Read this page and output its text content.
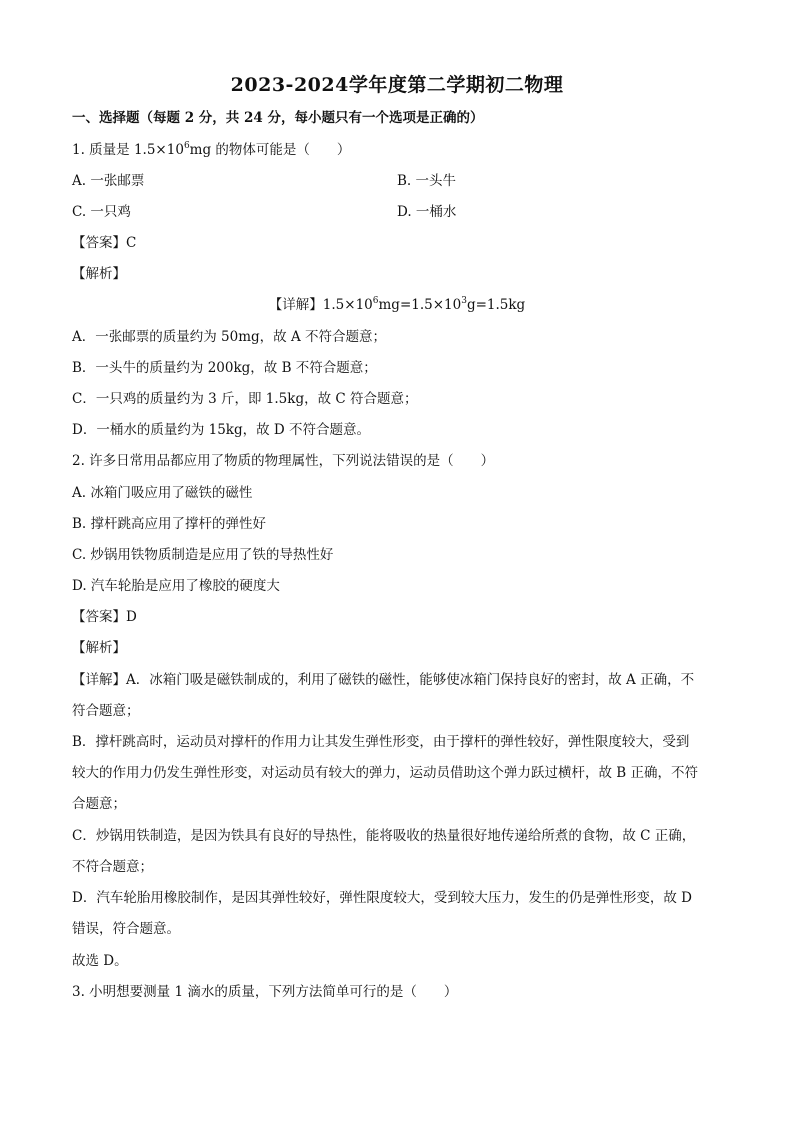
2023-2024学年度第二学期初二物理
一、选择题（每题 2 分，共 24 分，每小题只有一个选项是正确的）
1. 质量是 $1.5\times 10^6mg$ 的物体可能是（　　）
A. 一张邮票	B. 一头牛
C. 一只鸡	D. 一桶水
【答案】C
【解析】
【详解】$1.5\times 10^6mg=1.5\times 10^3g=1.5kg$
A．一张邮票的质量约为 50mg，故 A 不符合题意；
B．一头牛的质量约为 200kg，故 B 不符合题意；
C．一只鸡的质量约为 3 斤，即 1.5kg，故 C 符合题意；
D．一桶水的质量约为 15kg，故 D 不符合题意。
2. 许多日常用品都应用了物质的物理属性，下列说法错误的是（　　）
A. 冰箱门吸应用了磁铁的磁性
B. 撑杆跳高应用了撑杆的弹性好
C. 炒锅用铁物质制造是应用了铁的导热性好
D. 汽车轮胎是应用了橡胶的硬度大
【答案】D
【解析】
【详解】A．冰箱门吸是磁铁制成的，利用了磁铁的磁性，能够使冰箱门保持良好的密封，故 A 正确，不
符合题意；
B．撑杆跳高时，运动员对撑杆的作用力让其发生弹性形变，由于撑杆的弹性较好，弹性限度较大，受到
较大的作用力仍发生弹性形变，对运动员有较大的弹力，运动员借助这个弹力跃过横杆，故 B 正确，不符
合题意；
C．炒锅用铁制造，是因为铁具有良好的导热性，能将吸收的热量很好地传递给所煮的食物，故 C 正确，
不符合题意；
D．汽车轮胎用橡胶制作，是因其弹性较好，弹性限度较大，受到较大压力，发生的仍是弹性形变，故 D
错误，符合题意。
故选 D。
3. 小明想要测量 1 滴水的质量，下列方法简单可行的是（　　）
